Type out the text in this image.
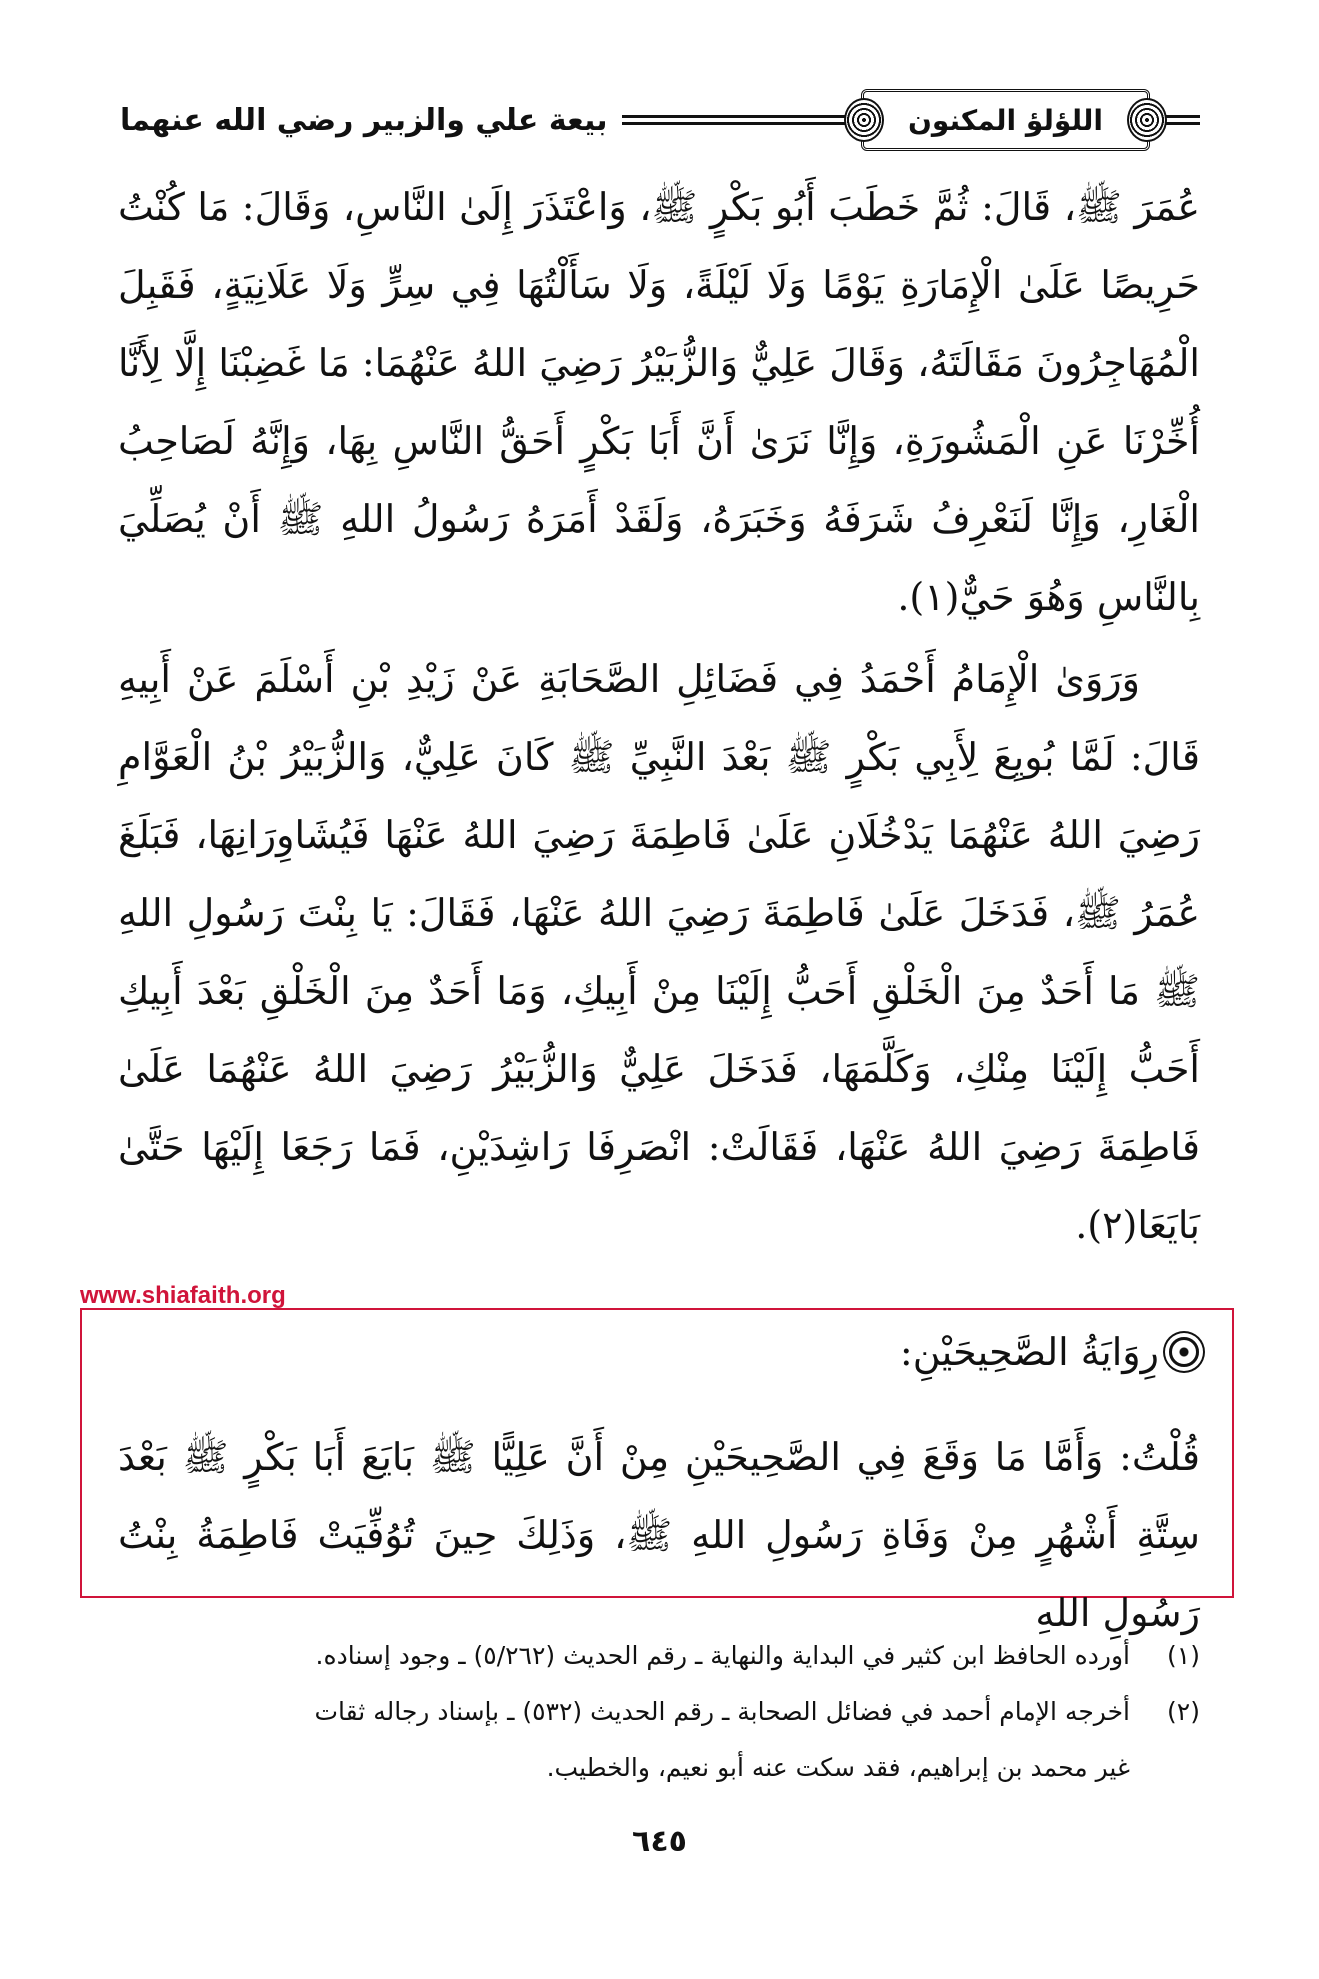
اللؤلؤ المكنون
بيعة علي والزبير رضي الله عنهما
عُمَرَ ﷺ، قَالَ: ثُمَّ خَطَبَ أَبُو بَكْرٍ ﷺ، وَاعْتَذَرَ إِلَىٰ النَّاسِ، وَقَالَ: مَا كُنْتُ حَرِيصًا عَلَىٰ الْإِمَارَةِ يَوْمًا وَلَا لَيْلَةً، وَلَا سَأَلْتُهَا فِي سِرٍّ وَلَا عَلَانِيَةٍ، فَقَبِلَ الْمُهَاجِرُونَ مَقَالَتَهُ، وَقَالَ عَلِيٌّ وَالزُّبَيْرُ رَضِيَ اللهُ عَنْهُمَا: مَا غَضِبْنَا إِلَّا لِأَنَّا أُخِّرْنَا عَنِ الْمَشُورَةِ، وَإِنَّا نَرَىٰ أَنَّ أَبَا بَكْرٍ أَحَقُّ النَّاسِ بِهَا، وَإِنَّهُ لَصَاحِبُ الْغَارِ، وَإِنَّا لَنَعْرِفُ شَرَفَهُ وَخَبَرَهُ، وَلَقَدْ أَمَرَهُ رَسُولُ اللهِ ﷺ أَنْ يُصَلِّيَ بِالنَّاسِ وَهُوَ حَيٌّ(١).
وَرَوَىٰ الْإِمَامُ أَحْمَدُ فِي فَضَائِلِ الصَّحَابَةِ عَنْ زَيْدِ بْنِ أَسْلَمَ عَنْ أَبِيهِ قَالَ: لَمَّا بُويِعَ لِأَبِي بَكْرٍ ﷺ بَعْدَ النَّبِيِّ ﷺ كَانَ عَلِيٌّ، وَالزُّبَيْرُ بْنُ الْعَوَّامِ رَضِيَ اللهُ عَنْهُمَا يَدْخُلَانِ عَلَىٰ فَاطِمَةَ رَضِيَ اللهُ عَنْهَا فَيُشَاوِرَانِهَا، فَبَلَغَ عُمَرُ ﷺ، فَدَخَلَ عَلَىٰ فَاطِمَةَ رَضِيَ اللهُ عَنْهَا، فَقَالَ: يَا بِنْتَ رَسُولِ اللهِ ﷺ مَا أَحَدٌ مِنَ الْخَلْقِ أَحَبُّ إِلَيْنَا مِنْ أَبِيكِ، وَمَا أَحَدٌ مِنَ الْخَلْقِ بَعْدَ أَبِيكِ أَحَبُّ إِلَيْنَا مِنْكِ، وَكَلَّمَهَا، فَدَخَلَ عَلِيٌّ وَالزُّبَيْرُ رَضِيَ اللهُ عَنْهُمَا عَلَىٰ فَاطِمَةَ رَضِيَ اللهُ عَنْهَا، فَقَالَتْ: انْصَرِفَا رَاشِدَيْنِ، فَمَا رَجَعَا إِلَيْهَا حَتَّىٰ بَايَعَا(٢).
www.shiafaith.org
رِوَايَةُ الصَّحِيحَيْنِ:
قُلْتُ: وَأَمَّا مَا وَقَعَ فِي الصَّحِيحَيْنِ مِنْ أَنَّ عَلِيًّا ﷺ بَايَعَ أَبَا بَكْرٍ ﷺ بَعْدَ سِتَّةِ أَشْهُرٍ مِنْ وَفَاةِ رَسُولِ اللهِ ﷺ، وَذَلِكَ حِينَ تُوُفِّيَتْ فَاطِمَةُ بِنْتُ رَسُولِ اللهِ
(١)
أورده الحافظ ابن كثير في البداية والنهاية ـ رقم الحديث (٥/٢٦٢) ـ وجود إسناده.
(٢)
أخرجه الإمام أحمد في فضائل الصحابة ـ رقم الحديث (٥٣٢) ـ بإسناد رجاله ثقات
غير محمد بن إبراهيم، فقد سكت عنه أبو نعيم، والخطيب.
٦٤٥
